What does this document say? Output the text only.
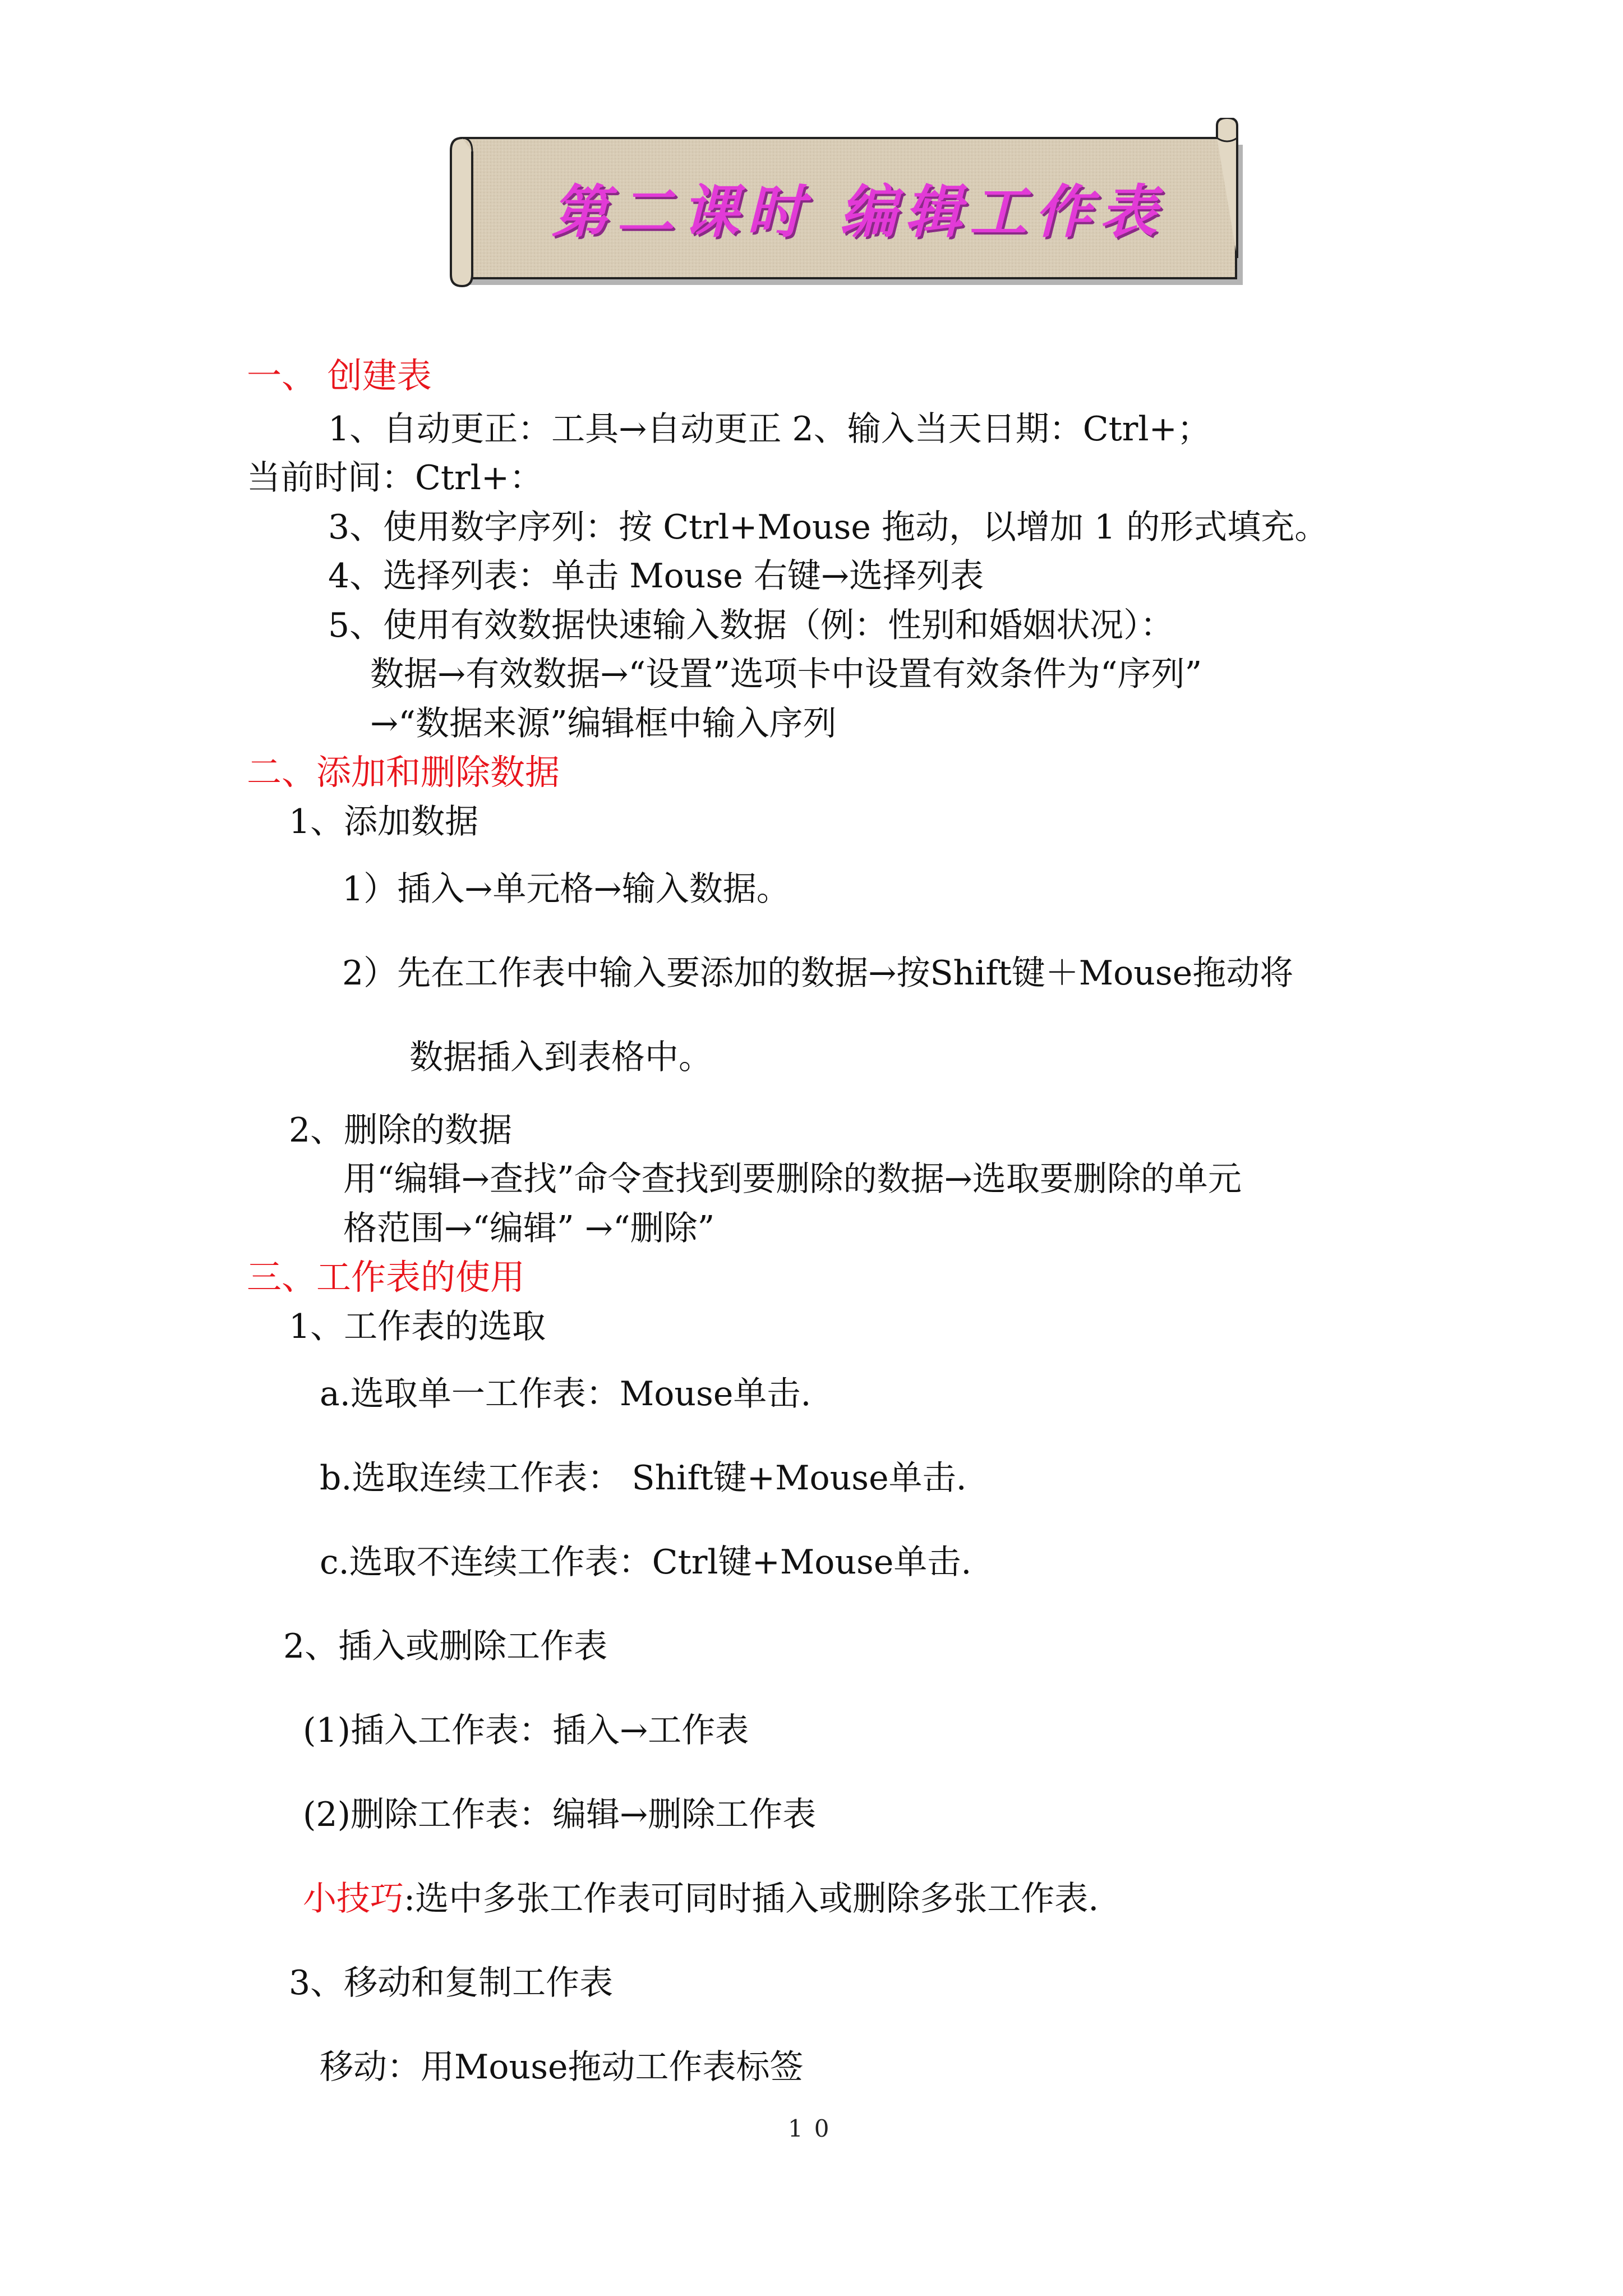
第二课时 编辑工作表
一、 创建表
1、自动更正：工具→自动更正 2、输入当天日期：Ctrl+；
当前时间：Ctrl+：
3、使用数字序列：按 Ctrl+Mouse 拖动，以增加 1 的形式填充。
4、选择列表：单击 Mouse 右键→选择列表
5、使用有效数据快速输入数据（例：性别和婚姻状况）：
数据→有效数据→“设置”选项卡中设置有效条件为“序列”
→“数据来源”编辑框中输入序列
二、添加和删除数据
1、添加数据
1）插入→单元格→输入数据。
2）先在工作表中输入要添加的数据→按Shift键＋Mouse拖动将
数据插入到表格中。
2、删除的数据
用“编辑→查找”命令查找到要删除的数据→选取要删除的单元
格范围→“编辑” →“删除”
三、工作表的使用
1、工作表的选取
a.选取单一工作表：Mouse单击.
b.选取连续工作表： Shift键+Mouse单击.
c.选取不连续工作表：Ctrl键+Mouse单击.
2、插入或删除工作表
(1)插入工作表：插入→工作表
(2)删除工作表：编辑→删除工作表
小技巧:选中多张工作表可同时插入或删除多张工作表.
3、移动和复制工作表
移动：用Mouse拖动工作表标签
10
